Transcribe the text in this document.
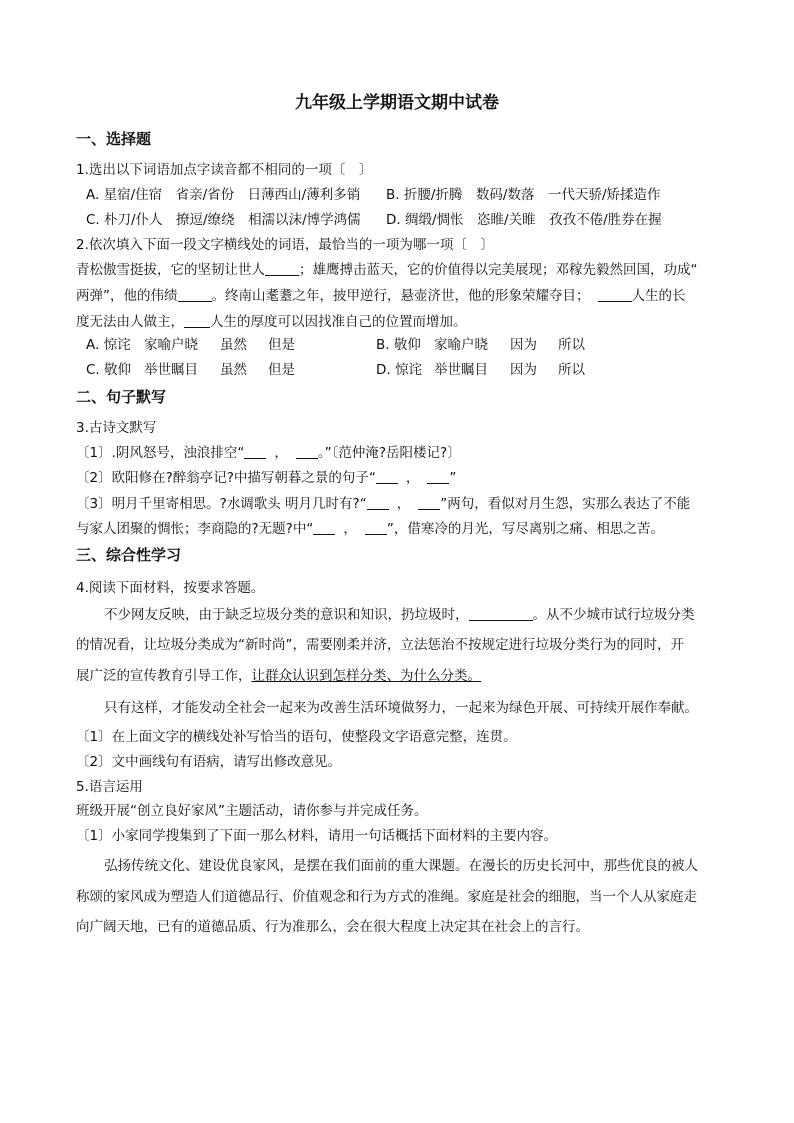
九年级上学期语文期中试卷
一、选择题
1.选出以下词语加点字读音都不相同的一项〔　〕
A. 星宿/住宿　省亲/省份　日薄西山/薄利多销 B. 折腰/折腾　数码/数落　一代天骄/矫揉造作
C. 朴刀/仆人　撩逗/缭绕　相濡以沫/博学鸿儒 D. 绸缎/惆怅　恣睢/关睢　孜孜不倦/胜券在握
2.依次填入下面一段文字横线处的词语，最恰当的一项为哪一项〔　〕
青松傲雪挺拔，它的坚韧让世人	；雄鹰搏击蓝天，它的价值得以完美展现；邓稼先毅然回国，功成“
两弹”，他的伟绩	。终南山耄耋之年，披甲逆行，悬壶济世，他的形象荣耀夺目；	人生的长
度无法由人做主， 人生的厚度可以因找准自己的位置而增加。
A. 惊诧 家喻户晓 虽然 但是	B. 敬仰 家喻户晓 因为 所以
C. 敬仰 举世瞩目 虽然 但是	D. 惊诧 举世瞩目 因为 所以
二、句子默写
3.古诗文默写
〔1〕.阴风怒号，浊浪排空“ ， 。”〔范仲淹?岳阳楼记?〕
〔2〕欧阳修在?醉翁亭记?中描写朝暮之景的句子“ ， ”
〔3〕明月千里寄相思。?水调歌头 明月几时有?“ ， ”两句，看似对月生怨，实那么表达了不能
与家人团聚的惆怅；李商隐的?无题?中“ ， ”，借寒冷的月光，写尽离别之痛、相思之苦。
三、综合性学习
4.阅读下面材料，按要求答题。
不少网友反映，由于缺乏垃圾分类的意识和知识，扔垃圾时，	。从不少城市试行垃圾分类
的情况看，让垃圾分类成为“新时尚”，需要刚柔并济，立法惩治不按规定进行垃圾分类行为的同时，开
展广泛的宣传教育引导工作，让群众认识到怎样分类、为什么分类。
只有这样，才能发动全社会一起来为改善生活环境做努力，一起来为绿色开展、可持续开展作奉献。
〔1〕在上面文字的横线处补写恰当的语句，使整段文字语意完整，连贯。
〔2〕文中画线句有语病，请写出修改意见。
5.语言运用
班级开展“创立良好家风”主题活动，请你参与并完成任务。
〔1〕小家同学搜集到了下面一那么材料，请用一句话概括下面材料的主要内容。
弘扬传统文化、建设优良家风，是摆在我们面前的重大课题。在漫长的历史长河中，那些优良的被人
称颂的家风成为塑造人们道德品行、价值观念和行为方式的准绳。家庭是社会的细胞，当一个人从家庭走
向广阔天地，已有的道德品质、行为准那么，会在很大程度上决定其在社会上的言行。
